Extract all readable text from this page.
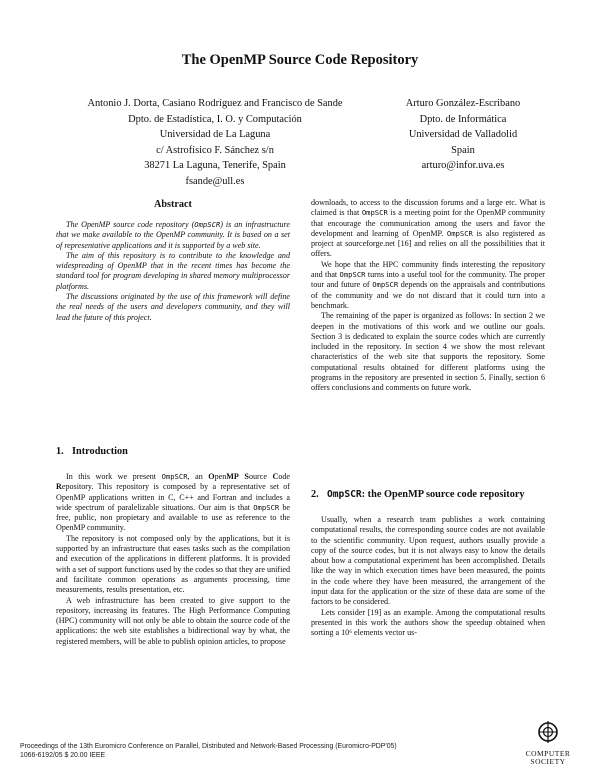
The OpenMP Source Code Repository
Antonio J. Dorta, Casiano Rodríguez and Francisco de Sande
Dpto. de Estadística, I. O. y Computación
Universidad de La Laguna
c/ Astrofísico F. Sánchez s/n
38271 La Laguna, Tenerife, Spain
fsande@ull.es
Arturo González-Escribano
Dpto. de Informática
Universidad de Valladolid
Spain
arturo@infor.uva.es
Abstract

The OpenMP source code repository (OmpSCR) is an infrastructure that we make available to the OpenMP community. It is based on a set of representative applications and it is supported by a web site.

The aim of this repository is to contribute to the knowledge and widespreading of OpenMP that in the recent times has become the standard tool for program developing in shared memory multiprocessor platforms.

The discussions originated by the use of this framework will define the real needs of the users and developers community, and they will lead the future of this project.

1. Introduction

In this work we present OmpSCR, an OpenMP Source Code Repository. This repository is composed by a representative set of OpenMP applications written in C, C++ and Fortran and includes a wide spectrum of paralelizable situations. Our aim is that OmpSCR be free, public, non propietary and available to use as reference to the OpenMP community.

The repository is not composed only by the applications, but it is supported by an infrastructure that eases tasks such as the compilation and execution of the applications in different platforms. It is provided with a set of support functions used by the codes so that they are unified and facilitate common operations as arguments processing, time measurements, results presentation, etc.

A web infrastructure has been created to give support to the repository, increasing its features. The High Performance Computing (HPC) community will not only be able to obtain the source code of the applications: the web site establishes a bidirectional way by what, the registered members, will be able to publish opinion articles, to propose

downloads, to access to the discussion forums and a large etc. What is claimed is that OmpSCR is a meeting point for the OpenMP community that encourage the communication among the users and favor the development and learning of OpenMP. OmpSCR is also registered as project at sourceforge.net [16] and relies on all the possibilities that it offers.

We hope that the HPC community finds interesting the repository and that OmpSCR turns into a useful tool for the community. The proper tour and future of OmpSCR depends on the appraisals and contributions of the community and we do not discard that it could turn into a benchmark.

The remaining of the paper is organized as follows: In section 2 we deepen in the motivations of this work and we outline our goals. Section 3 is dedicated to explain the source codes which are currently included in the repository. In section 4 we show the most relevant characteristics of the web site that supports the repository. Some computational results obtained for different platforms using the programs in the repository are presented in section 5. Finally, section 6 offers conclusions and comments on future work.

2. OmpSCR: the OpenMP source code repository

Usually, when a research team publishes a work containing computational results, the corresponding source codes are not available to the scientific community. Upon request, authors usually provide a copy of the source codes, but it is not always easy to know the details about how a computational experiment has been accomplished. Details like the way in which execution times have been measured, the points in the code where they have been measured, the arrangement of the input data for the application or the size of these data are some of the factors to be considered.

Lets consider [19] as an example. Among the computational results presented in this work the authors show the speedup obtained when sorting a 10⁶ elements vector us-

Proceedings of the 13th Euromicro Conference on Parallel, Distributed and Network-Based Processing (Euromicro-PDP'05)
1066-6192/05 $ 20.00 IEEE	COMPUTER
SOCIETY
